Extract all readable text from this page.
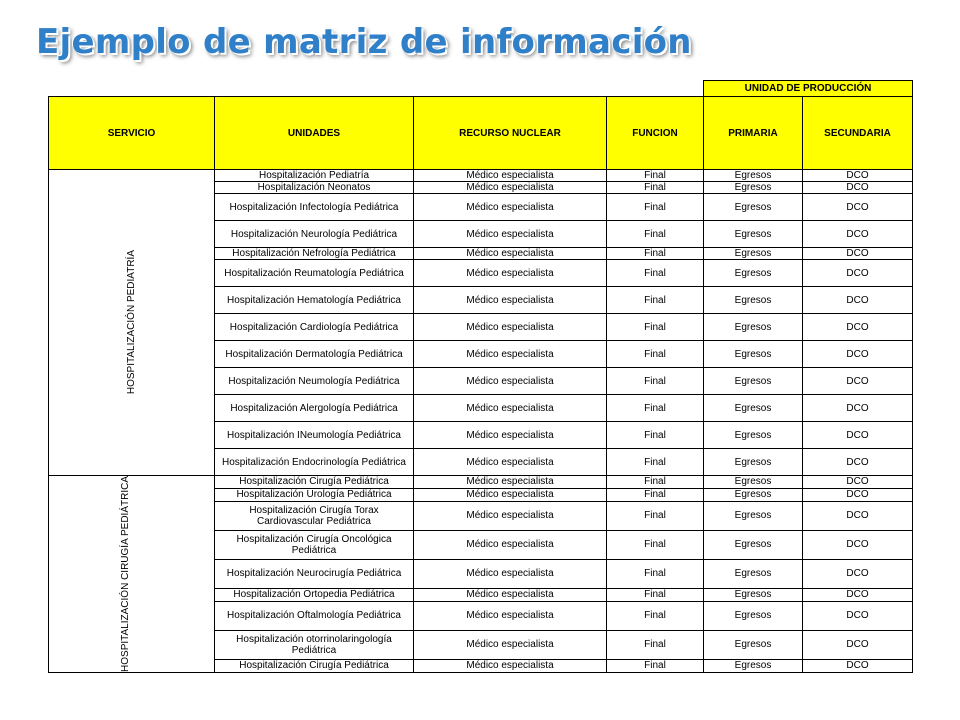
Ejemplo de matriz de información
				UNIDAD DE PRODUCCIÓN	
SERVICIO	UNIDADES	RECURSO NUCLEAR	FUNCION	PRIMARIA	SECUNDARIA

HOSPITALIZACIÓN PEDIATRÍA	Hospitalización Pediatría	Médico especialista	Final	Egresos	DCO
	Hospitalización Neonatos	Médico especialista	Final	Egresos	DCO
	Hospitalización Infectología Pediátrica	Médico especialista	Final	Egresos	DCO
	Hospitalización Neurología Pediátrica	Médico especialista	Final	Egresos	DCO
	Hospitalización Nefrología Pediátrica	Médico especialista	Final	Egresos	DCO
	Hospitalización Reumatología Pediátrica	Médico especialista	Final	Egresos	DCO
	Hospitalización Hematología Pediátrica	Médico especialista	Final	Egresos	DCO
	Hospitalización Cardiología Pediátrica	Médico especialista	Final	Egresos	DCO
	Hospitalización Dermatología Pediátrica	Médico especialista	Final	Egresos	DCO
	Hospitalización Neumología Pediátrica	Médico especialista	Final	Egresos	DCO
	Hospitalización Alergología Pediátrica	Médico especialista	Final	Egresos	DCO
	Hospitalización INeumología Pediátrica	Médico especialista	Final	Egresos	DCO
	Hospitalización Endocrinología Pediátrica	Médico especialista	Final	Egresos	DCO

HOSPITALIZACIÓN CIRUGÍA PEDIÁTRICA	Hospitalización Cirugía Pediátrica	Médico especialista	Final	Egresos	DCO
	Hospitalización Urología Pediátrica	Médico especialista	Final	Egresos	DCO
	Hospitalización Cirugía Torax Cardiovascular Pediátrica	Médico especialista	Final	Egresos	DCO
	Hospitalización Cirugía Oncológica Pediátrica	Médico especialista	Final	Egresos	DCO
	Hospitalización Neurocirugía Pediátrica	Médico especialista	Final	Egresos	DCO
	Hospitalización Ortopedia Pediátrica	Médico especialista	Final	Egresos	DCO
	Hospitalización Oftalmología Pediátrica	Médico especialista	Final	Egresos	DCO
	Hospitalización otorrinolaringología Pediátrica	Médico especialista	Final	Egresos	DCO
	Hospitalización Cirugía Pediátrica	Médico especialista	Final	Egresos	DCO
